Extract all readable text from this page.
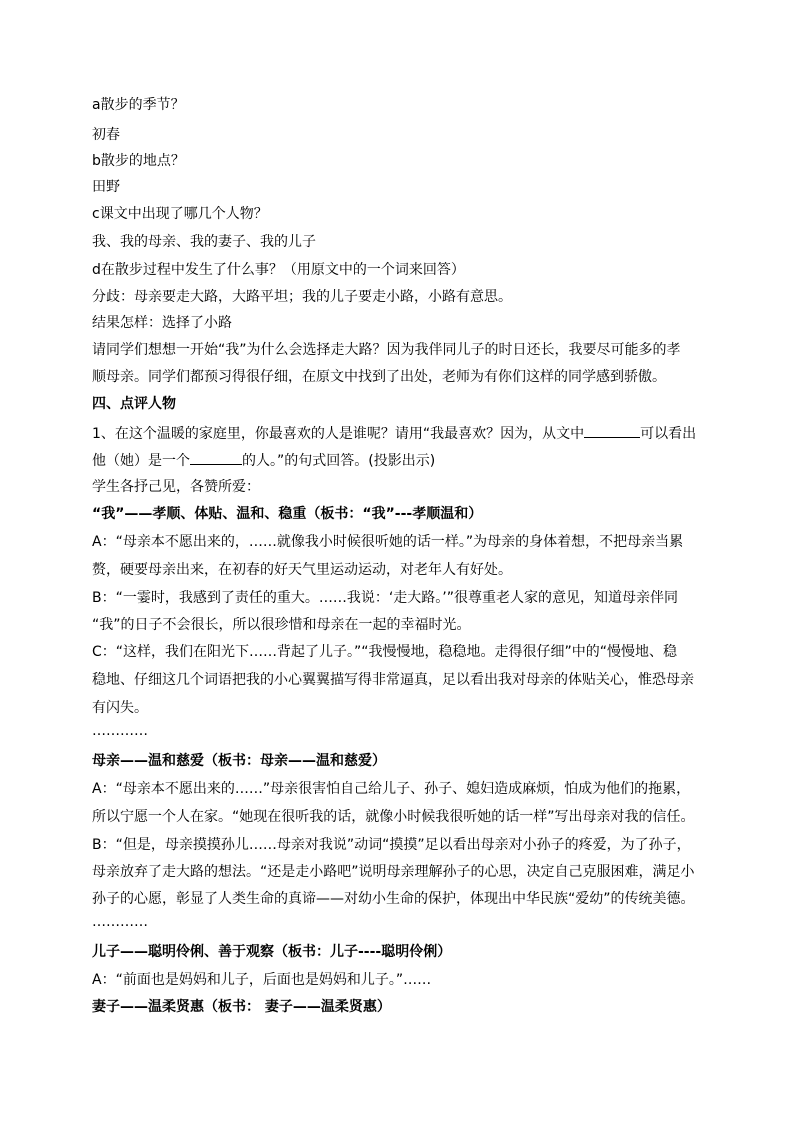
a散步的季节？
初春
b散步的地点？
田野
c课文中出现了哪几个人物？
我、我的母亲、我的妻子、我的儿子
d在散步过程中发生了什么事？（用原文中的一个词来回答）
分歧：母亲要走大路，大路平坦；我的儿子要走小路，小路有意思。
结果怎样：选择了小路
请同学们想想一开始“我”为什么会选择走大路？因为我伴同儿子的时日还长，我要尽可能多的孝
顺母亲。同学们都预习得很仔细，在原文中找到了出处，老师为有你们这样的同学感到骄傲。
四、点评人物
1、在这个温暖的家庭里，你最喜欢的人是谁呢？请用“我最喜欢？因为，从文中	可以看出
他（她）是一个	的人。”的句式回答。(投影出示)
学生各抒己见，各赞所爱：
“我”——孝顺、体贴、温和、稳重（板书：“我”---孝顺温和）
A：“母亲本不愿出来的，……就像我小时候很听她的话一样。”为母亲的身体着想，不把母亲当累
赘，硬要母亲出来，在初春的好天气里运动运动，对老年人有好处。
B：“一霎时，我感到了责任的重大。……我说：‘走大路。’”很尊重老人家的意见，知道母亲伴同
“我”的日子不会很长，所以很珍惜和母亲在一起的幸福时光。
C：“这样，我们在阳光下……背起了儿子。”“我慢慢地，稳稳地。走得很仔细”中的“慢慢地、稳
稳地、仔细这几个词语把我的小心翼翼描写得非常逼真，足以看出我对母亲的体贴关心，惟恐母亲
有闪失。
…………
母亲——温和慈爱（板书：母亲——温和慈爱）
A：“母亲本不愿出来的……”母亲很害怕自己给儿子、孙子、媳妇造成麻烦，怕成为他们的拖累，
所以宁愿一个人在家。“她现在很听我的话，就像小时候我很听她的话一样”写出母亲对我的信任。
B：“但是，母亲摸摸孙儿……母亲对我说”动词“摸摸”足以看出母亲对小孙子的疼爱，为了孙子，
母亲放弃了走大路的想法。“还是走小路吧”说明母亲理解孙子的心思，决定自己克服困难，满足小
孙子的心愿，彰显了人类生命的真谛——对幼小生命的保护，体现出中华民族“爱幼”的传统美德。
…………
儿子——聪明伶俐、善于观察（板书：儿子----聪明伶俐）
A：“前面也是妈妈和儿子，后面也是妈妈和儿子。”……
妻子——温柔贤惠（板书： 妻子——温柔贤惠）
